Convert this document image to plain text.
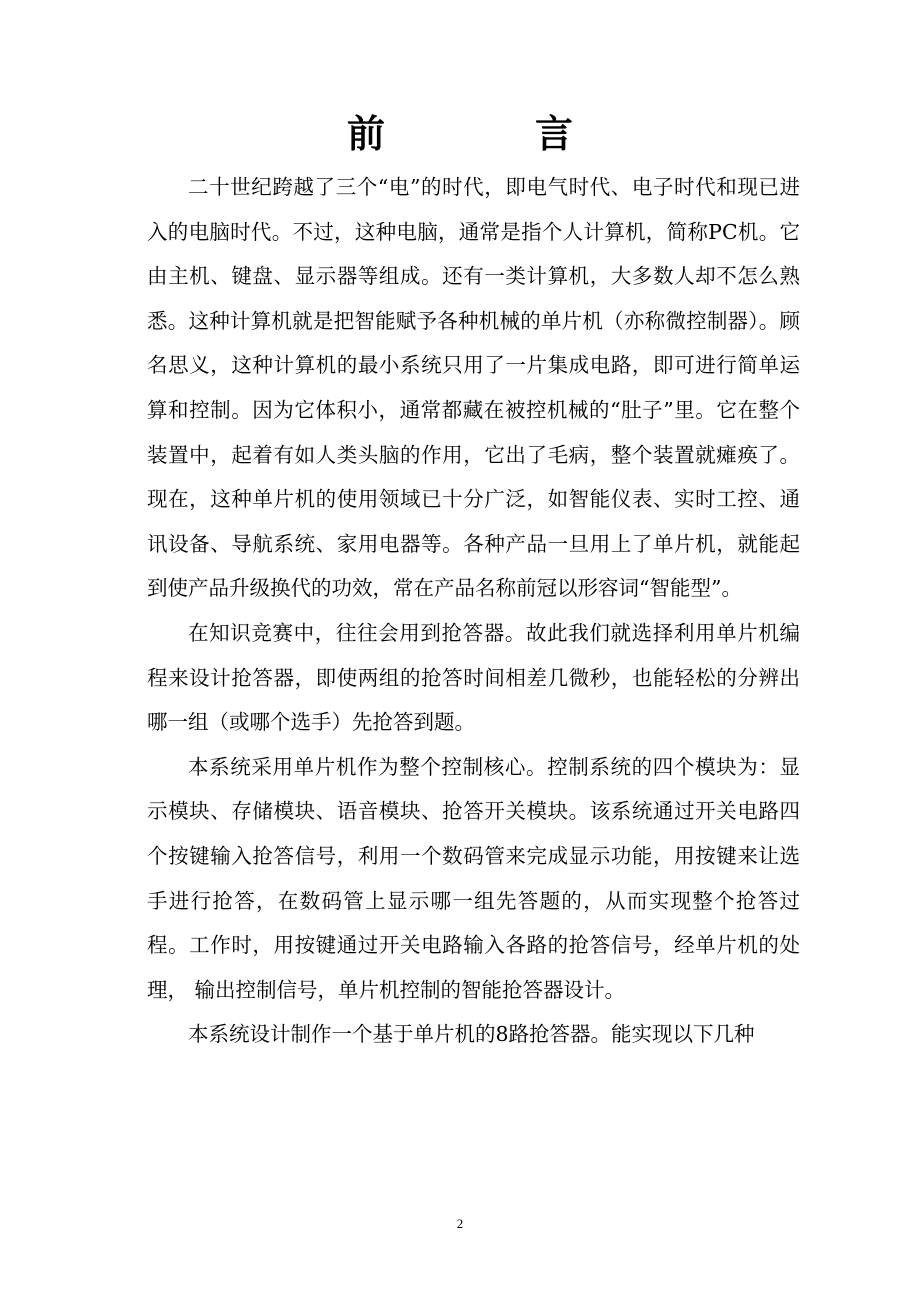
前　言

二十世纪跨越了三个“电”的时代，即电气时代、电子时代和现已进入的电脑时代。不过，这种电脑，通常是指个人计算机，简称PC机。它由主机、键盘、显示器等组成。还有一类计算机，大多数人却不怎么熟悉。这种计算机就是把智能赋予各种机械的单片机（亦称微控制器）。顾名思义，这种计算机的最小系统只用了一片集成电路，即可进行简单运算和控制。因为它体积小，通常都藏在被控机械的“肚子”里。它在整个装置中，起着有如人类头脑的作用，它出了毛病，整个装置就瘫痪了。现在，这种单片机的使用领域已十分广泛，如智能仪表、实时工控、通讯设备、导航系统、家用电器等。各种产品一旦用上了单片机，就能起到使产品升级换代的功效，常在产品名称前冠以形容词“智能型”。

在知识竞赛中，往往会用到抢答器。故此我们就选择利用单片机编程来设计抢答器，即使两组的抢答时间相差几微秒，也能轻松的分辨出哪一组（或哪个选手）先抢答到题。

本系统采用单片机作为整个控制核心。控制系统的四个模块为：显示模块、存储模块、语音模块、抢答开关模块。该系统通过开关电路四个按键输入抢答信号，利用一个数码管来完成显示功能，用按键来让选手进行抢答，在数码管上显示哪一组先答题的，从而实现整个抢答过程。工作时，用按键通过开关电路输入各路的抢答信号，经单片机的处理， 输出控制信号，单片机控制的智能抢答器设计。

本系统设计制作一个基于单片机的8路抢答器。能实现以下几种

2
